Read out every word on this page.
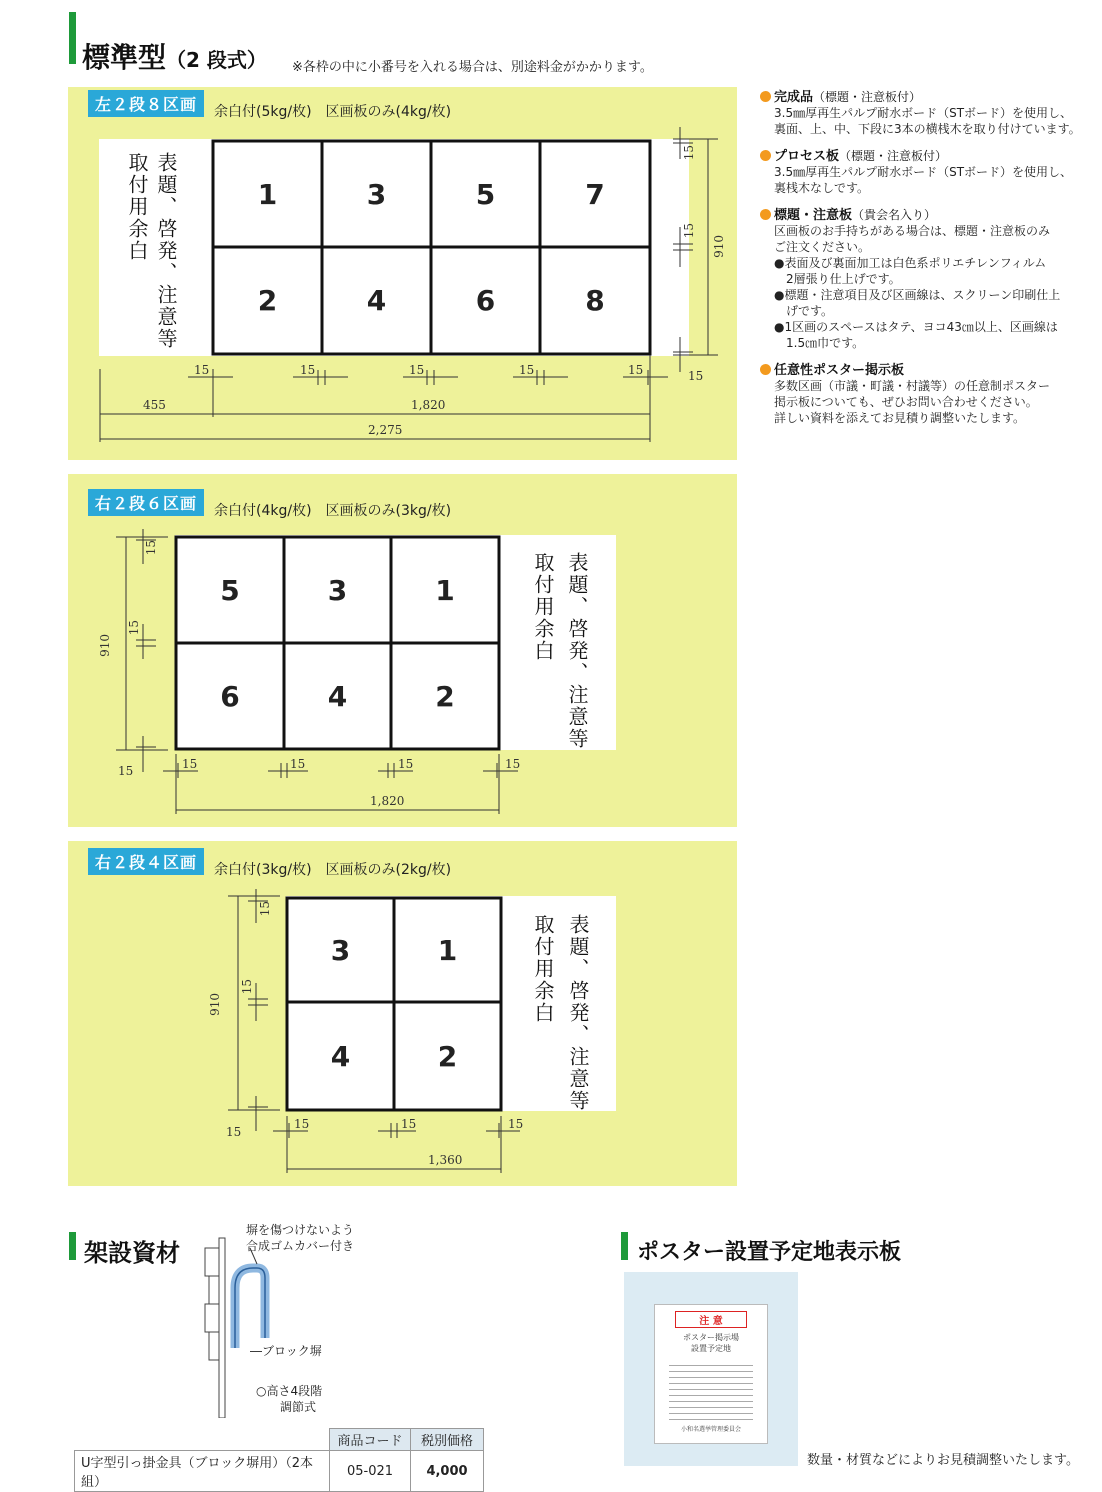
標準型（2 段式） ※各枠の中に小番号を入れる場合は、別途料金がかかります。
左２段８区画	余白付(5kg/枚)　区画板のみ(4kg/枚)
表題、啓発、注意等
取付用余白	1	3	5	7
2	4	6	8
15	15	15	15	15
455	1,820
2,275
15
15
910
15
完成品（標題・注意板付）
3.5㎜厚再生パルプ耐水ボード（STボード）を使用し、
裏面、上、中、下段に3本の横桟木を取り付けています。
プロセス板（標題・注意板付）
3.5㎜厚再生パルプ耐水ボード（STボード）を使用し、
裏桟木なしです。
標題・注意板（貴会名入り）
区画板のお手持ちがある場合は、標題・注意板のみ
ご注文ください。
●表面及び裏面加工は白色系ポリエチレンフィルム
　2層張り仕上げです。
●標題・注意項目及び区画線は、スクリーン印刷仕上
　げです。
●1区画のスペースはタテ、ヨコ43㎝以上、区画線は
　1.5㎝巾です。
任意性ポスター掲示板
多数区画（市議・町議・村議等）の任意制ポスター
掲示板についても、ぜひお問い合わせください。
詳しい資料を添えてお見積り調整いたします。
右２段６区画	余白付(4kg/枚)　区画板のみ(3kg/枚)
表題、啓発、注意等
取付用余白
5	3	1
6	4	2
15
15
910
15	15	15	15	15
1,820
右２段４区画	余白付(3kg/枚)　区画板のみ(2kg/枚)
表題、啓発、注意等
取付用余白
3	1
4	2
15
15
910
15
15	15	15
1,360
架設資材
塀を傷つけないよう
合成ゴムカバー付き
―ブロック塀
○高さ4段階
調節式
	商品コード	税別価格
U字型引っ掛金具（ブロック塀用）（2本組）	05-021	4,000
ポスター設置予定地表示板
注 意
ポスター掲示場
設置予定地
小和名選挙管理委員会
数量・材質などによりお見積調整いたします。
